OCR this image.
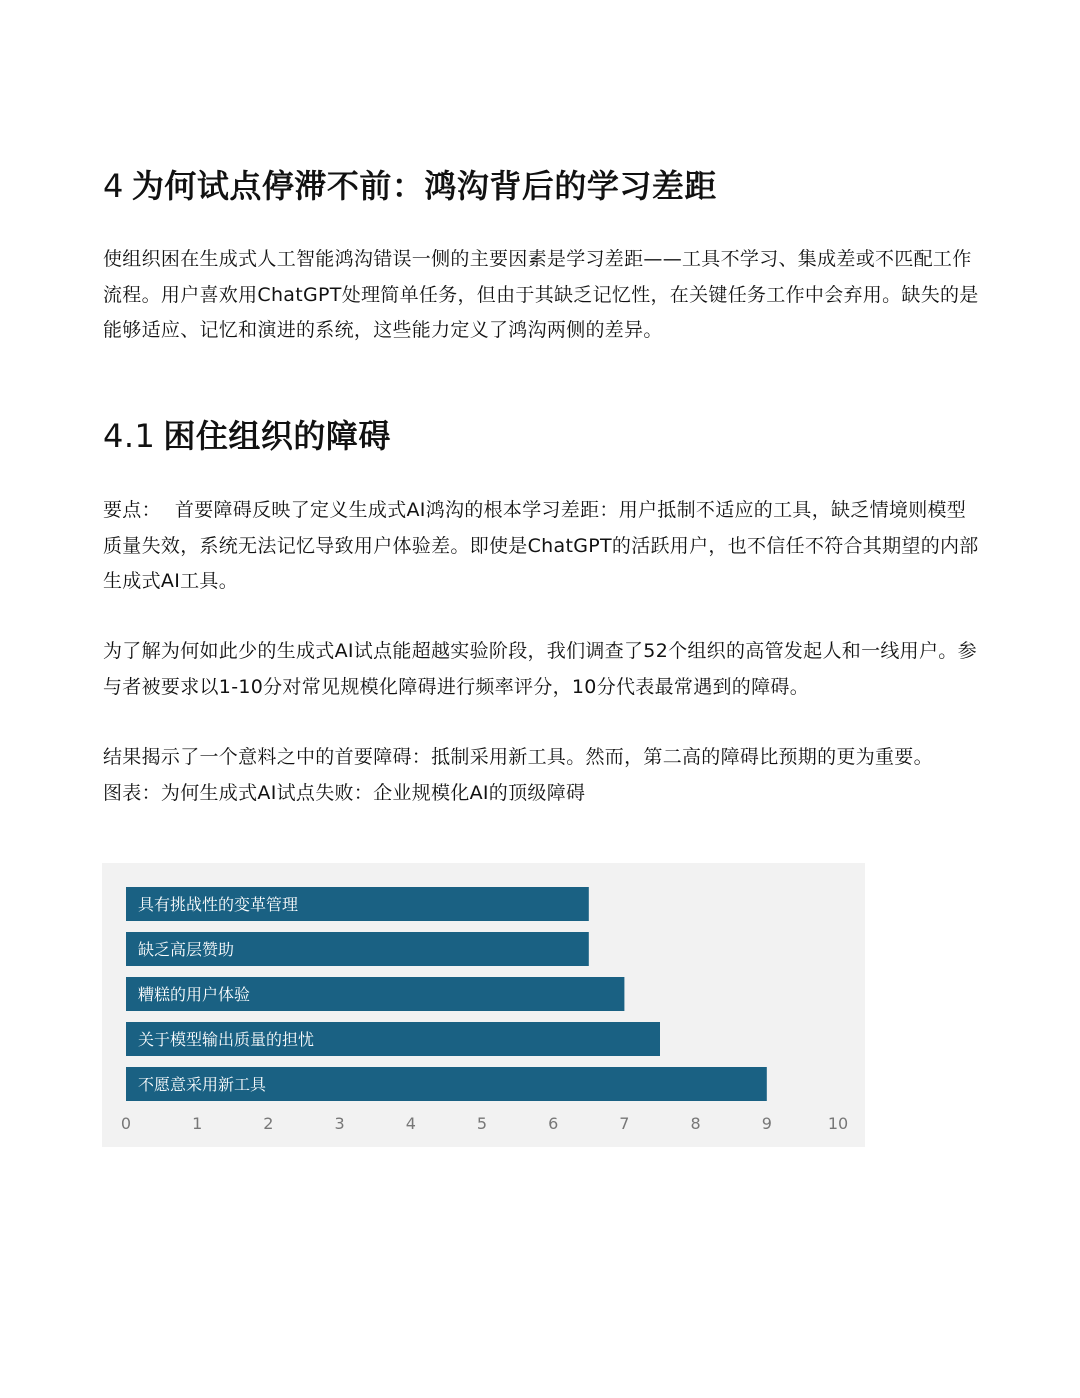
4 为何试点停滞不前：鸿沟背后的学习差距

使组织困在生成式人工智能鸿沟错误一侧的主要因素是学习差距——工具不学习、集成差或不匹配工作流程。用户喜欢用ChatGPT处理简单任务，但由于其缺乏记忆性，在关键任务工作中会弃用。缺失的是能够适应、记忆和演进的系统，这些能力定义了鸿沟两侧的差异。

4.1 困住组织的障碍

要点： 首要障碍反映了定义生成式AI鸿沟的根本学习差距：用户抵制不适应的工具，缺乏情境则模型质量失效，系统无法记忆导致用户体验差。即使是ChatGPT的活跃用户，也不信任不符合其期望的内部生成式AI工具。

为了解为何如此少的生成式AI试点能超越实验阶段，我们调查了52个组织的高管发起人和一线用户。参与者被要求以1-10分对常见规模化障碍进行频率评分，10分代表最常遇到的障碍。

结果揭示了一个意料之中的首要障碍：抵制采用新工具。然而，第二高的障碍比预期的更为重要。

图表：为何生成式AI试点失败：企业规模化AI的顶级障碍

具有挑战性的变革管理
缺乏高层赞助
糟糕的用户体验
关于模型输出质量的担忧
不愿意采用新工具
0	1	2	3	4	5	6	7	8	9	10
